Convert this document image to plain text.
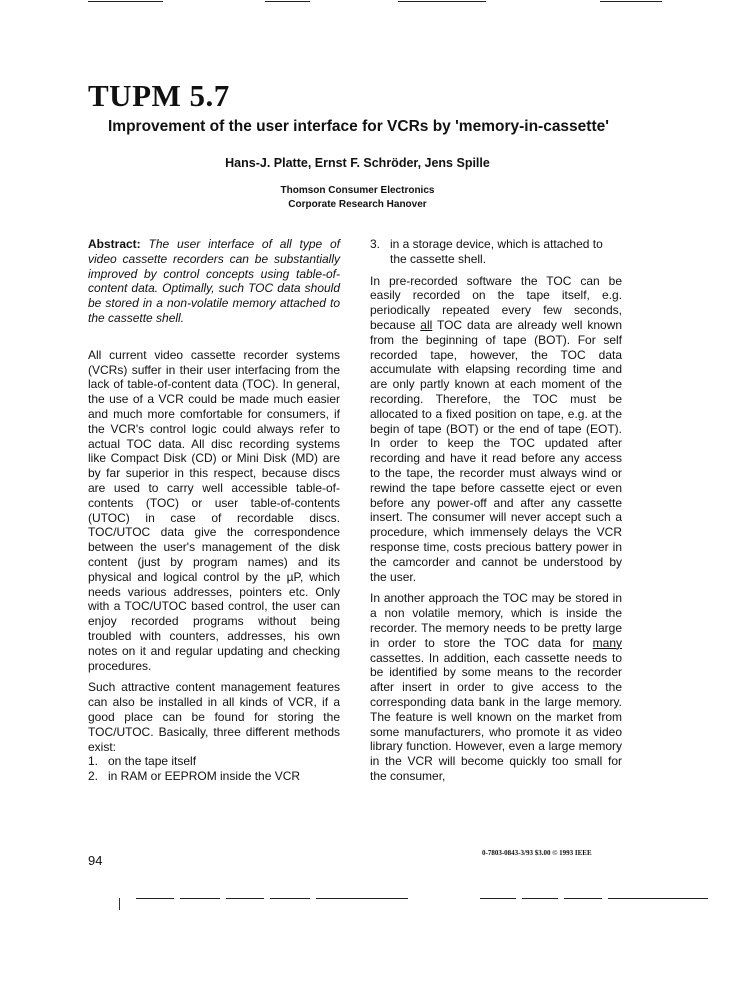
TUPM 5.7
Improvement of the user interface for VCRs by 'memory-in-cassette'
Hans-J. Platte, Ernst F. Schröder, Jens Spille
Thomson Consumer Electronics
Corporate Research Hanover

Abstract: The user interface of all type of video cassette recorders can be substantially improved by control concepts using table-of-content data. Optimally, such TOC data should be stored in a non-volatile memory attached to the cassette shell.

All current video cassette recorder systems (VCRs) suffer in their user interfacing from the lack of table-of-content data (TOC). In general, the use of a VCR could be made much easier and much more comfortable for consumers, if the VCR's control logic could always refer to actual TOC data. All disc recording systems like Compact Disk (CD) or Mini Disk (MD) are by far superior in this respect, because discs are used to carry well accessible table-of-contents (TOC) or user table-of-contents (UTOC) in case of recordable discs. TOC/UTOC data give the correspondence between the user's management of the disk content (just by program names) and its physical and logical control by the µP, which needs various addresses, pointers etc. Only with a TOC/UTOC based control, the user can enjoy recorded programs without being troubled with counters, addresses, his own notes on it and regular updating and checking procedures.

Such attractive content management features can also be installed in all kinds of VCR, if a good place can be found for storing the TOC/UTOC. Basically, three different methods exist:

1. on the tape itself
2. in RAM or EEPROM inside the VCR
3. in a storage device, which is attached to the cassette shell.

In pre-recorded software the TOC can be easily recorded on the tape itself, e.g. periodically repeated every few seconds, because all TOC data are already well known from the beginning of tape (BOT). For self recorded tape, however, the TOC data accumulate with elapsing recording time and are only partly known at each moment of the recording. Therefore, the TOC must be allocated to a fixed position on tape, e.g. at the begin of tape (BOT) or the end of tape (EOT). In order to keep the TOC updated after recording and have it read before any access to the tape, the recorder must always wind or rewind the tape before cassette eject or even before any power-off and after any cassette insert. The consumer will never accept such a procedure, which immensely delays the VCR response time, costs precious battery power in the camcorder and cannot be understood by the user.

In another approach the TOC may be stored in a non volatile memory, which is inside the recorder. The memory needs to be pretty large in order to store the TOC data for many cassettes. In addition, each cassette needs to be identified by some means to the recorder after insert in order to give access to the corresponding data bank in the large memory. The feature is well known on the market from some manufacturers, who promote it as video library function. However, even a large memory in the VCR will become quickly too small for the consumer,

94	0-7803-0843-3/93 $3.00 © 1993 IEEE
